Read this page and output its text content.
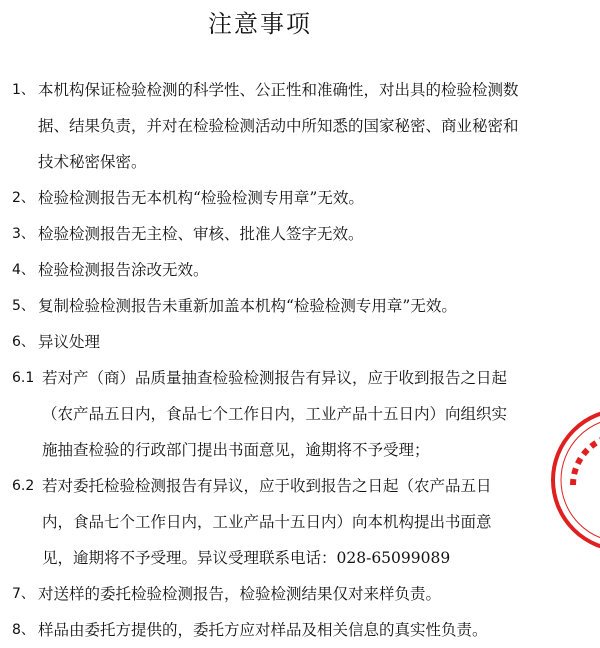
注意事项
1、 本机构保证检验检测的科学性、公正性和准确性，对出具的检验检测数据、结果负责，并对在检验检测活动中所知悉的国家秘密、商业秘密和技术秘密保密。
2、 检验检测报告无本机构“检验检测专用章”无效。
3、 检验检测报告无主检、审核、批准人签字无效。
4、 检验检测报告涂改无效。
5、 复制检验检测报告未重新加盖本机构“检验检测专用章”无效。
6、 异议处理
6.1 若对产（商）品质量抽查检验检测报告有异议，应于收到报告之日起（农产品五日内，食品七个工作日内，工业产品十五日内）向组织实施抽查检验的行政部门提出书面意见，逾期将不予受理；
6.2 若对委托检验检测报告有异议，应于收到报告之日起（农产品五日内，食品七个工作日内，工业产品十五日内）向本机构提出书面意见，逾期将不予受理。异议受理联系电话：028-65099089
7、 对送样的委托检验检测报告，检验检测结果仅对来样负责。
8、 样品由委托方提供的，委托方应对样品及相关信息的真实性负责。
